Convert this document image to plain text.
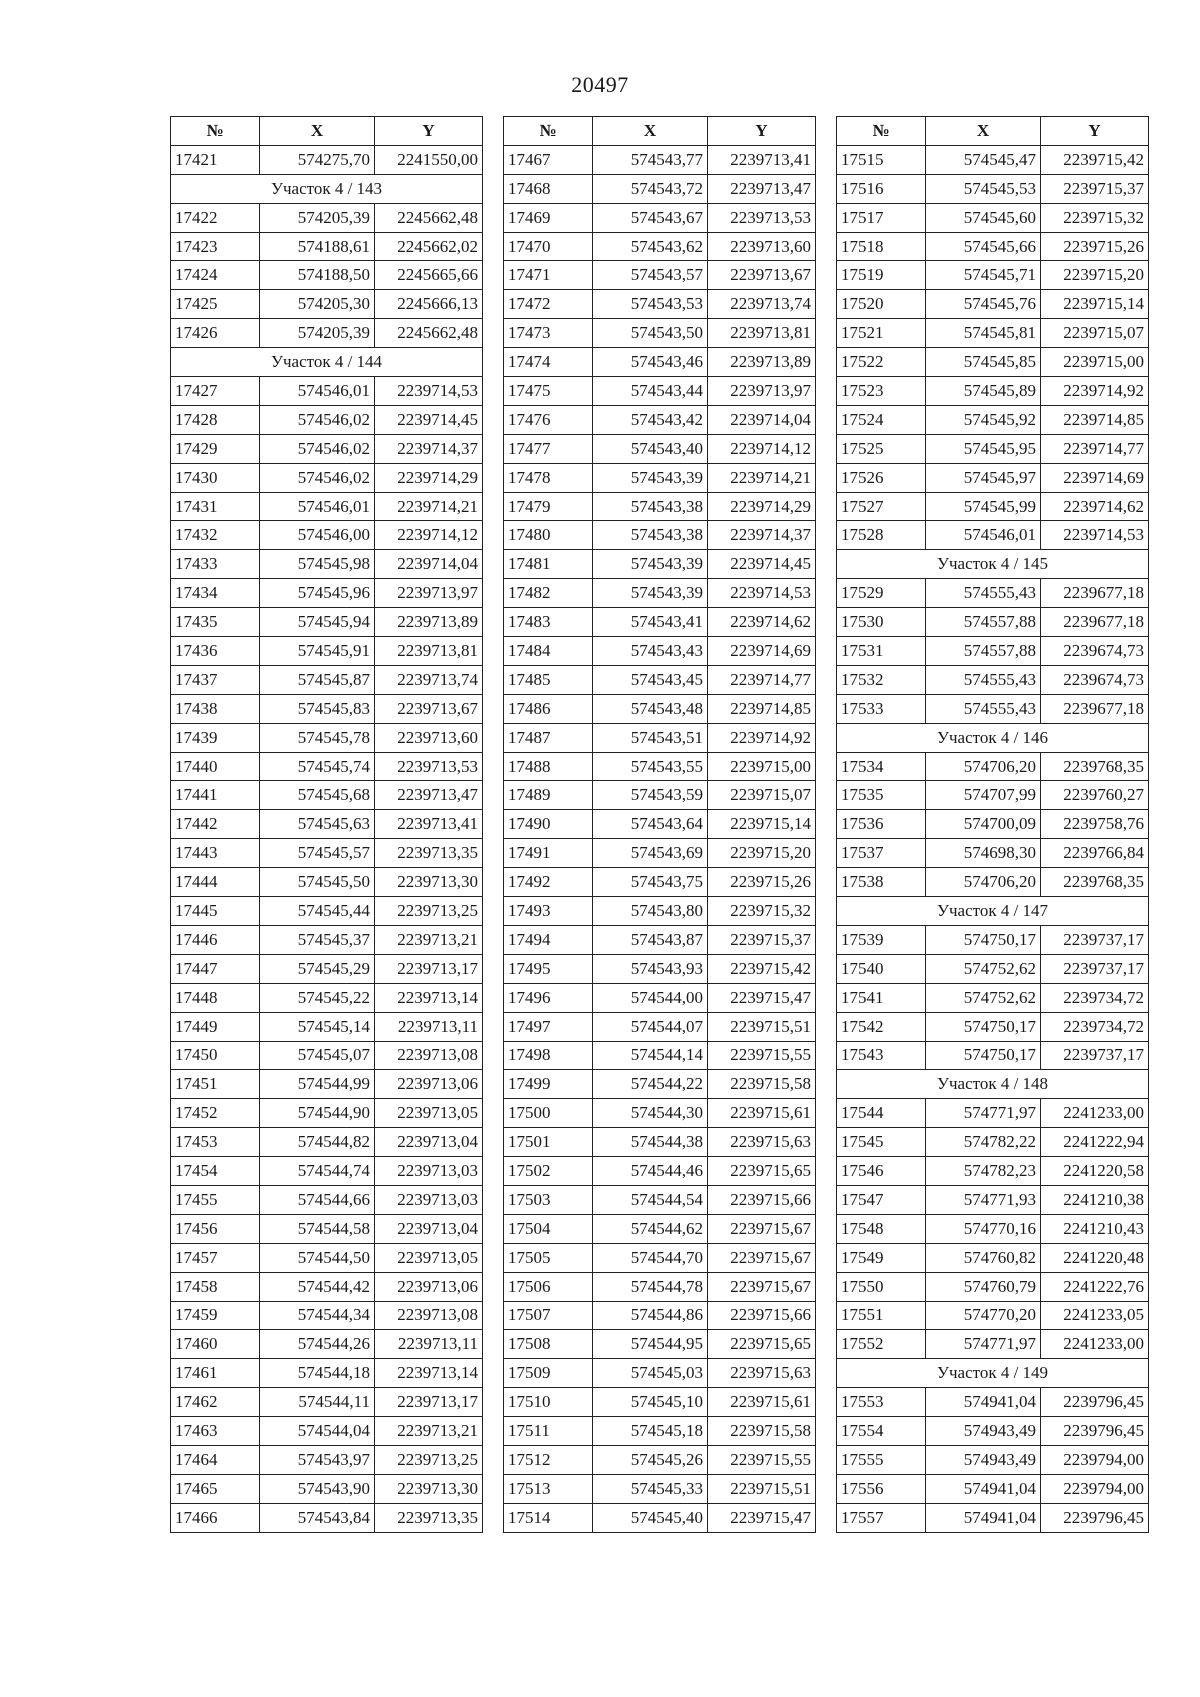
20497
№	X	Y
17421	574275,70	2241550,00
Участок 4 / 143		
17422	574205,39	2245662,48
17423	574188,61	2245662,02
17424	574188,50	2245665,66
17425	574205,30	2245666,13
17426	574205,39	2245662,48
Участок 4 / 144		
17427	574546,01	2239714,53
17428	574546,02	2239714,45
17429	574546,02	2239714,37
17430	574546,02	2239714,29
17431	574546,01	2239714,21
17432	574546,00	2239714,12
17433	574545,98	2239714,04
17434	574545,96	2239713,97
17435	574545,94	2239713,89
17436	574545,91	2239713,81
17437	574545,87	2239713,74
17438	574545,83	2239713,67
17439	574545,78	2239713,60
17440	574545,74	2239713,53
17441	574545,68	2239713,47
17442	574545,63	2239713,41
17443	574545,57	2239713,35
17444	574545,50	2239713,30
17445	574545,44	2239713,25
17446	574545,37	2239713,21
17447	574545,29	2239713,17
17448	574545,22	2239713,14
17449	574545,14	2239713,11
17450	574545,07	2239713,08
17451	574544,99	2239713,06
17452	574544,90	2239713,05
17453	574544,82	2239713,04
17454	574544,74	2239713,03
17455	574544,66	2239713,03
17456	574544,58	2239713,04
17457	574544,50	2239713,05
17458	574544,42	2239713,06
17459	574544,34	2239713,08
17460	574544,26	2239713,11
17461	574544,18	2239713,14
17462	574544,11	2239713,17
17463	574544,04	2239713,21
17464	574543,97	2239713,25
17465	574543,90	2239713,30
17466	574543,84	2239713,35
№	X	Y
17467	574543,77	2239713,41
17468	574543,72	2239713,47
17469	574543,67	2239713,53
17470	574543,62	2239713,60
17471	574543,57	2239713,67
17472	574543,53	2239713,74
17473	574543,50	2239713,81
17474	574543,46	2239713,89
17475	574543,44	2239713,97
17476	574543,42	2239714,04
17477	574543,40	2239714,12
17478	574543,39	2239714,21
17479	574543,38	2239714,29
17480	574543,38	2239714,37
17481	574543,39	2239714,45
17482	574543,39	2239714,53
17483	574543,41	2239714,62
17484	574543,43	2239714,69
17485	574543,45	2239714,77
17486	574543,48	2239714,85
17487	574543,51	2239714,92
17488	574543,55	2239715,00
17489	574543,59	2239715,07
17490	574543,64	2239715,14
17491	574543,69	2239715,20
17492	574543,75	2239715,26
17493	574543,80	2239715,32
17494	574543,87	2239715,37
17495	574543,93	2239715,42
17496	574544,00	2239715,47
17497	574544,07	2239715,51
17498	574544,14	2239715,55
17499	574544,22	2239715,58
17500	574544,30	2239715,61
17501	574544,38	2239715,63
17502	574544,46	2239715,65
17503	574544,54	2239715,66
17504	574544,62	2239715,67
17505	574544,70	2239715,67
17506	574544,78	2239715,67
17507	574544,86	2239715,66
17508	574544,95	2239715,65
17509	574545,03	2239715,63
17510	574545,10	2239715,61
17511	574545,18	2239715,58
17512	574545,26	2239715,55
17513	574545,33	2239715,51
17514	574545,40	2239715,47
№	X	Y
17515	574545,47	2239715,42
17516	574545,53	2239715,37
17517	574545,60	2239715,32
17518	574545,66	2239715,26
17519	574545,71	2239715,20
17520	574545,76	2239715,14
17521	574545,81	2239715,07
17522	574545,85	2239715,00
17523	574545,89	2239714,92
17524	574545,92	2239714,85
17525	574545,95	2239714,77
17526	574545,97	2239714,69
17527	574545,99	2239714,62
17528	574546,01	2239714,53
Участок 4 / 145		
17529	574555,43	2239677,18
17530	574557,88	2239677,18
17531	574557,88	2239674,73
17532	574555,43	2239674,73
17533	574555,43	2239677,18
Участок 4 / 146		
17534	574706,20	2239768,35
17535	574707,99	2239760,27
17536	574700,09	2239758,76
17537	574698,30	2239766,84
17538	574706,20	2239768,35
Участок 4 / 147		
17539	574750,17	2239737,17
17540	574752,62	2239737,17
17541	574752,62	2239734,72
17542	574750,17	2239734,72
17543	574750,17	2239737,17
Участок 4 / 148		
17544	574771,97	2241233,00
17545	574782,22	2241222,94
17546	574782,23	2241220,58
17547	574771,93	2241210,38
17548	574770,16	2241210,43
17549	574760,82	2241220,48
17550	574760,79	2241222,76
17551	574770,20	2241233,05
17552	574771,97	2241233,00
Участок 4 / 149		
17553	574941,04	2239796,45
17554	574943,49	2239796,45
17555	574943,49	2239794,00
17556	574941,04	2239794,00
17557	574941,04	2239796,45
